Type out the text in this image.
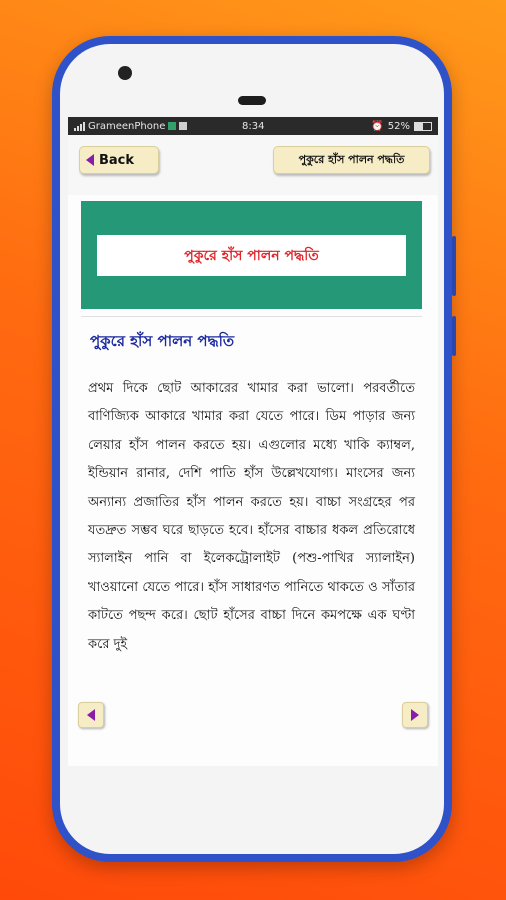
GrameenPhone	8:34	⏰ 52%
Back	পুকুরে হাঁস পালন পদ্ধতি
পুকুরে হাঁস পালন পদ্ধতি
পুকুরে হাঁস পালন পদ্ধতি

প্রথম দিকে ছোট আকারের খামার করা ভালো। পরবর্তীতে বাণিজ্যিক আকারে খামার করা যেতে পারে। ডিম পাড়ার জন্য লেয়ার হাঁস পালন করতে হয়। এগুলোর মধ্যে খাকি ক্যাম্বল, ইন্ডিয়ান রানার, দেশি পাতি হাঁস উল্লেখযোগ্য। মাংসের জন্য অন্যান্য প্রজাতির হাঁস পালন করতে হয়। বাচ্চা সংগ্রহের পর যতদ্রুত সম্ভব ঘরে ছাড়তে হবে। হাঁসের বাচ্চার ধকল প্রতিরোধে স্যালাইন পানি বা ইলেকট্রোলাইট (পশু-পাখির স্যালাইন) খাওয়ানো যেতে পারে। হাঁস সাধারণত পানিতে থাকতে ও সাঁতার কাটতে পছন্দ করে। ছোট হাঁসের বাচ্চা দিনে কমপক্ষে এক ঘণ্টা করে দুই
